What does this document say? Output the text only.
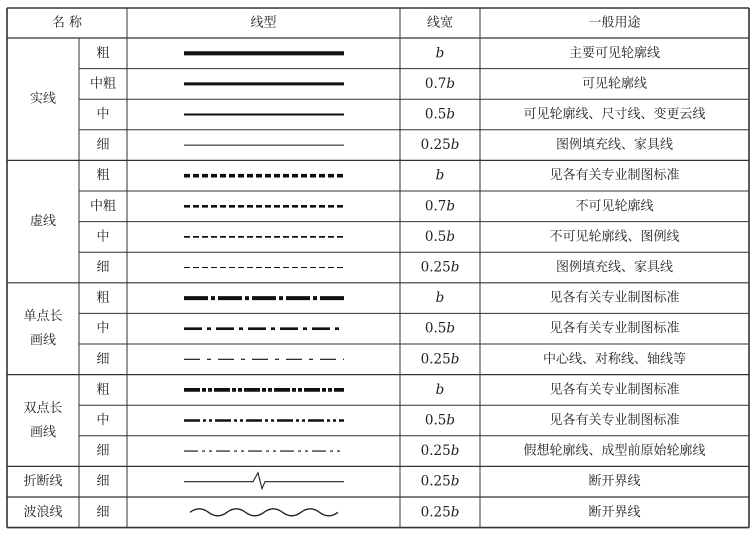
名 称	线型	线宽	一般用途
实线
粗	b	主要可见轮廓线
中粗	0.7b	可见轮廓线
中	0.5b	可见轮廓线、尺寸线、变更云线
细	0.25b	图例填充线、家具线
虚线
粗	b	见各有关专业制图标准
中粗	0.7b	不可见轮廓线
中	0.5b	不可见轮廓线、图例线
细	0.25b	图例填充线、家具线
单点长
画线
粗	b	见各有关专业制图标准
中	0.5b	见各有关专业制图标准
细	0.25b	中心线、对称线、轴线等
双点长
画线
粗	b	见各有关专业制图标准
中	0.5b	见各有关专业制图标准
细	0.25b	假想轮廓线、成型前原始轮廓线
折断线	细	0.25b	断开界线
波浪线	细	0.25b	断开界线
